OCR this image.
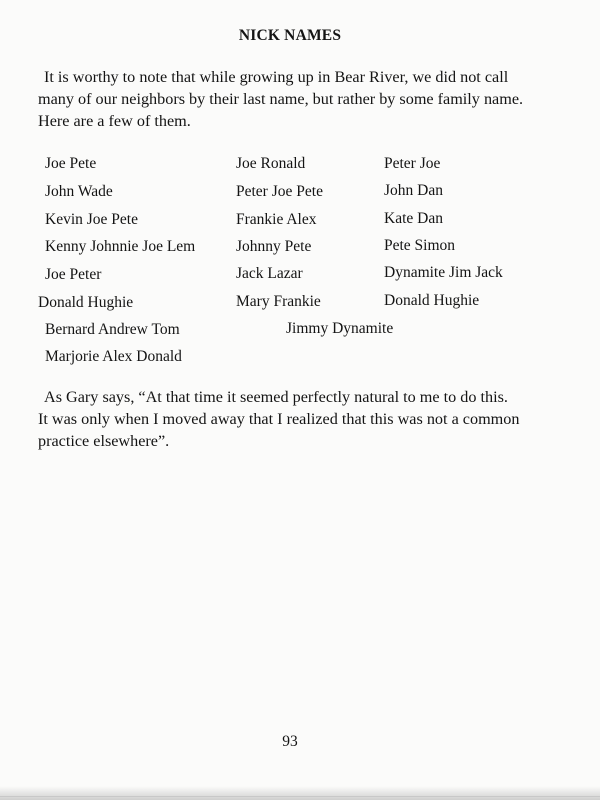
NICK NAMES

It is worthy to note that while growing up in Bear River, we did not call
many of our neighbors by their last name, but rather by some family name.
Here are a few of them.

Joe Pete
John Wade
Kevin Joe Pete
Kenny Johnnie Joe Lem
Joe Peter
Donald Hughie
Bernard Andrew Tom
Marjorie Alex Donald
Joe Ronald
Peter Joe Pete
Frankie Alex
Johnny Pete
Jack Lazar
Mary Frankie
Jimmy Dynamite
Peter Joe
John Dan
Kate Dan
Pete Simon
Dynamite Jim Jack
Donald Hughie

As Gary says, “At that time it seemed perfectly natural to me to do this.
It was only when I moved away that I realized that this was not a common
practice elsewhere”.

93
